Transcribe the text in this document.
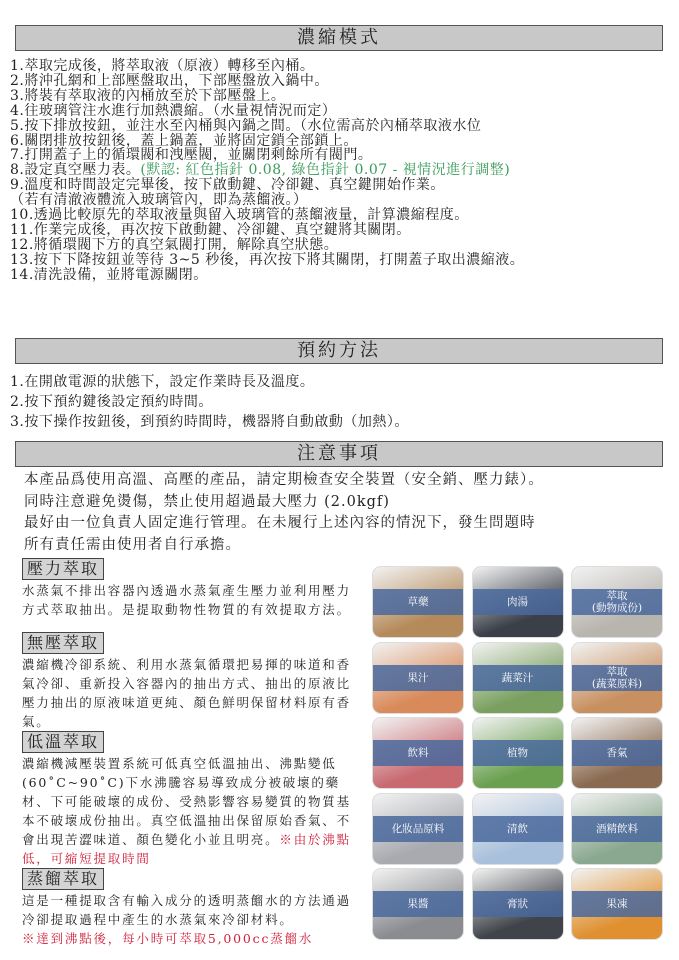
濃縮模式
1.萃取完成後，將萃取液（原液）轉移至內桶。
2.將沖孔網和上部壓盤取出，下部壓盤放入鍋中。
3.將裝有萃取液的內桶放至於下部壓盤上。
4.往玻璃管注水進行加熱濃縮。（水量視情況而定）
5.按下排放按鈕，並注水至內桶與內鍋之間。（水位需高於內桶萃取液水位
6.關閉排放按鈕後，蓋上鍋蓋，並將固定鎖全部鎖上。
7.打開蓋子上的循環閥和洩壓閥，並關閉剩餘所有閥門。
8.設定真空壓力表。(默認: 紅色指針 0.08, 綠色指針 0.07 - 視情況進行調整)
9.溫度和時間設定完畢後，按下啟動鍵、冷卻鍵、真空鍵開始作業。
（若有清澈液體流入玻璃管內，即為蒸餾液。）
10.透過比較原先的萃取液量與留入玻璃管的蒸餾液量，計算濃縮程度。
11.作業完成後，再次按下啟動鍵、冷卻鍵、真空鍵將其關閉。
12.將循環閥下方的真空氣閥打開，解除真空狀態。
13.按下下降按鈕並等待 3~5 秒後，再次按下將其關閉，打開蓋子取出濃縮液。
14.清洗設備，並將電源關閉。
預約方法
1.在開啟電源的狀態下，設定作業時長及溫度。
2.按下預約鍵後設定預約時間。
3.按下操作按鈕後，到預約時間時，機器將自動啟動（加熱）。
注意事項
本產品爲使用高溫、高壓的產品，請定期檢查安全裝置（安全銷、壓力錶）。
同時注意避免燙傷，禁止使用超過最大壓力 (2.0kgf)
最好由一位負責人固定進行管理。在未履行上述內容的情況下，發生問題時
所有責任需由使用者自行承擔。
壓力萃取
水蒸氣不排出容器內透過水蒸氣產生壓力並利用壓力方式萃取抽出。是提取動物性物質的有效提取方法。
無壓萃取
濃縮機冷卻系統、利用水蒸氣循環把易揮的味道和香氣冷卻、重新投入容器內的抽出方式、抽出的原液比壓力抽出的原液味道更純、顏色鮮明保留材料原有香氣。
低溫萃取
濃縮機減壓裝置系統可低真空低溫抽出、沸點變低(60˚C~90˚C)下水沸騰容易導致成分被破壞的藥材、下可能破壞的成份、受熱影響容易變質的物質基本不破壞成份抽出。真空低溫抽出保留原始香氣、不會出現苦澀味道、顏色變化小並且明亮。※由於沸點低，可縮短提取時間
蒸餾萃取
這是一種提取含有輸入成分的透明蒸餾水的方法通過冷卻提取過程中產生的水蒸氣來冷卻材料。
※達到沸點後，每小時可萃取5,000cc蒸餾水
草藥	肉湯	萃取
(動物成份)
果汁	蔬菜汁	萃取
(蔬菜原料)
飲料	植物	香氣
化妝品原料	清飲	酒精飲料
果醬	膏狀	果凍
